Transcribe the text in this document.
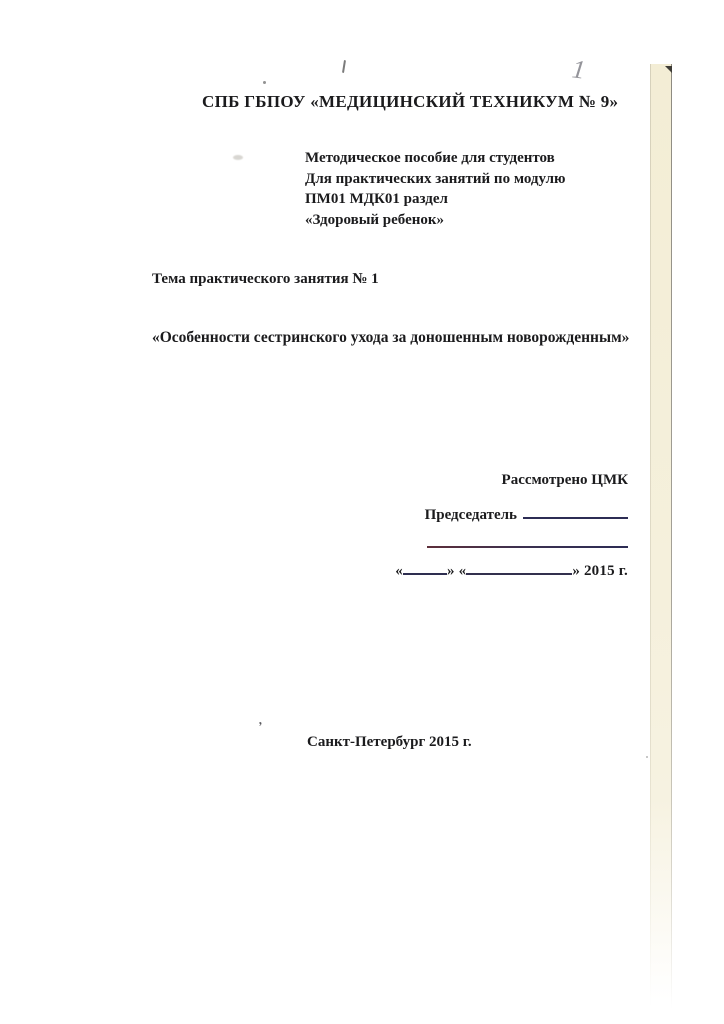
СПБ ГБПОУ «МЕДИЦИНСКИЙ ТЕХНИКУМ № 9»
Методическое пособие для студентов
Для практических занятий по модулю
ПМ01 МДК01 раздел
«Здоровый ребенок»
Тема практического занятия № 1
«Особенности сестринского ухода за доношенным новорожденным»
Рассмотрено ЦМК
Председатель
«	» «	» 2015 г.
Санкт-Петербург 2015 г.
1
ʼ
